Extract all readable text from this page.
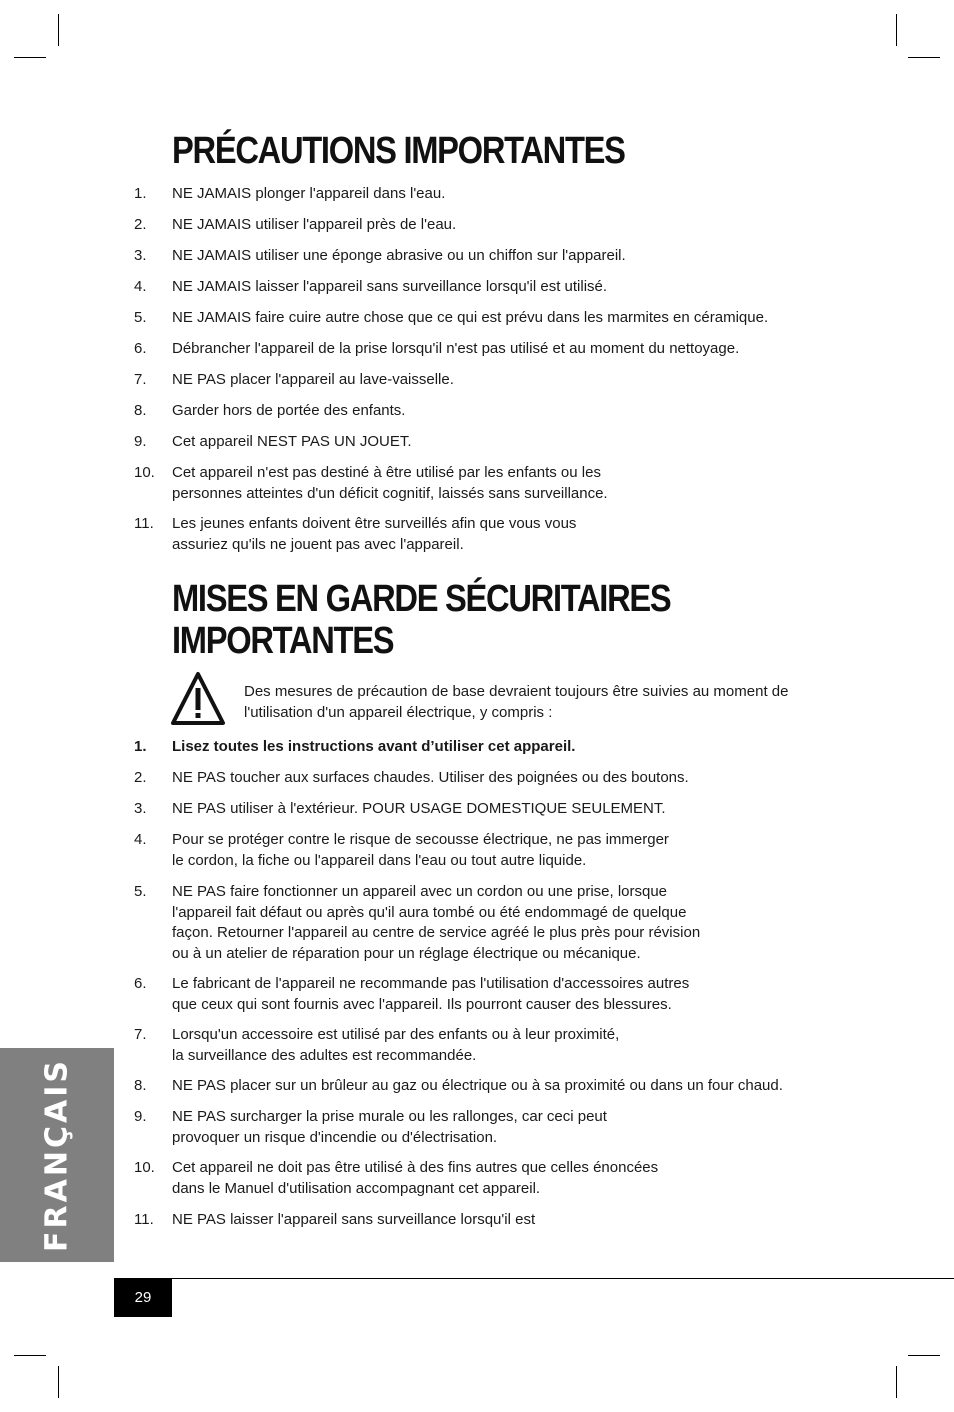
PRÉCAUTIONS IMPORTANTES
1.	NE JAMAIS plonger l'appareil dans l'eau.
2.	NE JAMAIS utiliser l'appareil près de l'eau.
3.	NE JAMAIS utiliser une éponge abrasive ou un chiffon sur l'appareil.
4.	NE JAMAIS laisser l'appareil sans surveillance lorsqu'il est utilisé.
5.	NE JAMAIS faire cuire autre chose que ce qui est prévu dans les marmites en céramique.
6.	Débrancher l'appareil de la prise lorsqu'il n'est pas utilisé et au moment du nettoyage.
7.	NE PAS placer l'appareil au lave-vaisselle.
8.	Garder hors de portée des enfants.
9.	Cet appareil NEST PAS UN JOUET.
10.	Cet appareil n'est pas destiné à être utilisé par les enfants ou les
personnes atteintes d'un déficit cognitif, laissés sans surveillance.
11.	Les jeunes enfants doivent être surveillés afin que vous vous
assuriez qu'ils ne jouent pas avec l'appareil.
MISES EN GARDE SÉCURITAIRES
IMPORTANTES
Des mesures de précaution de base devraient toujours être suivies au moment de
l'utilisation d'un appareil électrique, y compris :
1.	Lisez toutes les instructions avant d’utiliser cet appareil.
2.	NE PAS toucher aux surfaces chaudes. Utiliser des poignées ou des boutons.
3.	NE PAS utiliser à l'extérieur. POUR USAGE DOMESTIQUE SEULEMENT.
4.	Pour se protéger contre le risque de secousse électrique, ne pas immerger
le cordon, la fiche ou l'appareil dans l'eau ou tout autre liquide.
5.	NE PAS faire fonctionner un appareil avec un cordon ou une prise, lorsque
l'appareil fait défaut ou après qu'il aura tombé ou été endommagé de quelque
façon. Retourner l'appareil au centre de service agréé le plus près pour révision
ou à un atelier de réparation pour un réglage électrique ou mécanique.
6.	Le fabricant de l'appareil ne recommande pas l'utilisation d'accessoires autres
que ceux qui sont fournis avec l'appareil. Ils pourront causer des blessures.
7.	Lorsqu'un accessoire est utilisé par des enfants ou à leur proximité,
la surveillance des adultes est recommandée.
8.	NE PAS placer sur un brûleur au gaz ou électrique ou à sa proximité ou dans un four chaud.
9.	NE PAS surcharger la prise murale ou les rallonges, car ceci peut
provoquer un risque d'incendie ou d'électrisation.
10.	Cet appareil ne doit pas être utilisé à des fins autres que celles énoncées
dans le Manuel d'utilisation accompagnant cet appareil.
11.	NE PAS laisser l'appareil sans surveillance lorsqu'il est
FRANÇAIS
29
